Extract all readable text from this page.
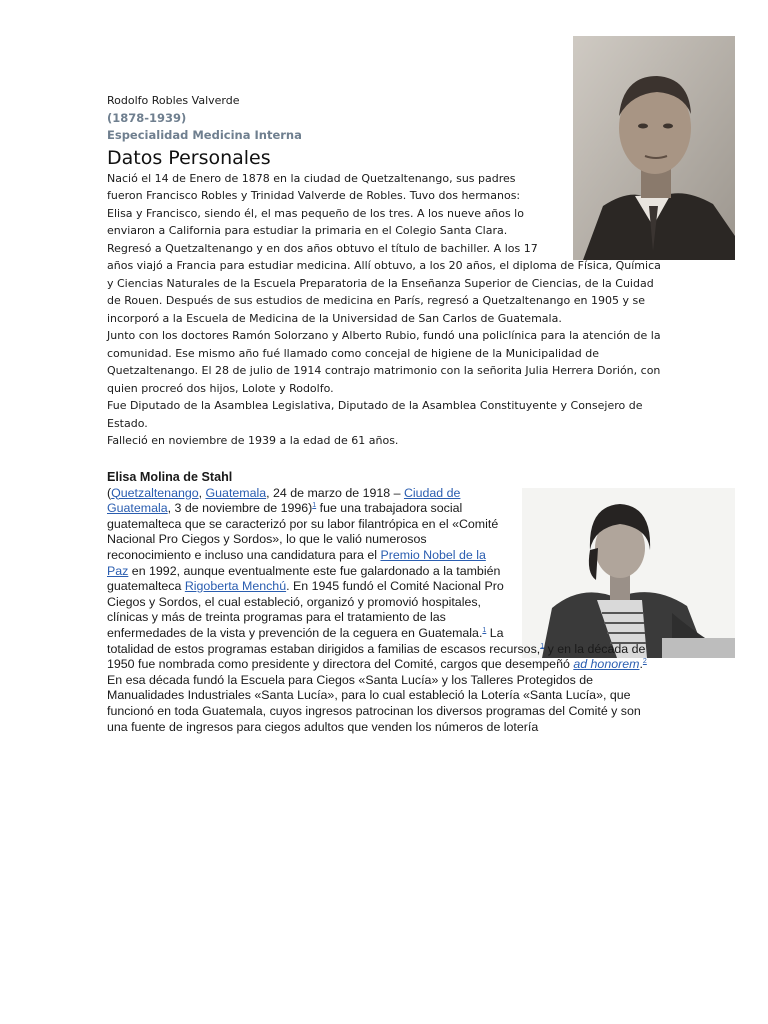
Rodolfo Robles Valverde
(1878-1939)
Especialidad Medicina Interna
Datos Personales

Nació el 14 de Enero de 1878 en la ciudad de Quetzaltenango, sus padres fueron Francisco Robles y Trinidad Valverde de Robles. Tuvo dos hermanos: Elisa y Francisco, siendo él, el mas pequeño de los tres. A los nueve años lo enviaron a California para estudiar la primaria en el Colegio Santa Clara. Regresó a Quetzaltenango y en dos años obtuvo el título de bachiller. A los 17 años viajó a Francia para estudiar medicina. Allí obtuvo, a los 20 años, el diploma de Física, Química y Ciencias Naturales de la Escuela Preparatoria de la Enseñanza Superior de Ciencias, de la Cuidad de Rouen. Después de sus estudios de medicina en París, regresó a Quetzaltenango en 1905 y se incorporó a la Escuela de Medicina de la Universidad de San Carlos de Guatemala.

Junto con los doctores Ramón Solorzano y Alberto Rubio, fundó una policlínica para la atención de la comunidad. Ese mismo año fué llamado como concejal de higiene de la Municipalidad de Quetzaltenango. El 28 de julio de 1914 contrajo matrimonio con la señorita Julia Herrera Dorión, con quien procreó dos hijos, Lolote y Rodolfo.

Fue Diputado de la Asamblea Legislativa, Diputado de la Asamblea Constituyente y Consejero de Estado.

Falleció en noviembre de 1939 a la edad de 61 años.

Elisa Molina de Stahl

(Quetzaltenango, Guatemala, 24 de marzo de 1918 – Ciudad de Guatemala, 3 de noviembre de 1996)$^1$ fue una trabajadora social guatemalteca que se caracterizó por su labor filantrópica en el «Comité Nacional Pro Ciegos y Sordos», lo que le valió numerosos reconocimiento e incluso una candidatura para el Premio Nobel de la Paz en 1992, aunque eventualmente este fue galardonado a la también guatemalteca Rigoberta Menchú. En 1945 fundó el Comité Nacional Pro Ciegos y Sordos, el cual estableció, organizó y promovió hospitales, clínicas y más de treinta programas para el tratamiento de las enfermedades de la vista y prevención de la ceguera en Guatemala.$^1$ La totalidad de estos programas estaban dirigidos a familias de escasos recursos,$^1$ y en la década de 1950 fue nombrada como presidente y directora del Comité, cargos que desempeñó ad honorem.$^2$ En esa década fundó la Escuela para Ciegos «Santa Lucía» y los Talleres Protegidos de Manualidades Industriales «Santa Lucía», para lo cual estableció la Lotería «Santa Lucía», que funcionó en toda Guatemala, cuyos ingresos patrocinan los diversos programas del Comité y son una fuente de ingresos para ciegos adultos que venden los números de lotería
